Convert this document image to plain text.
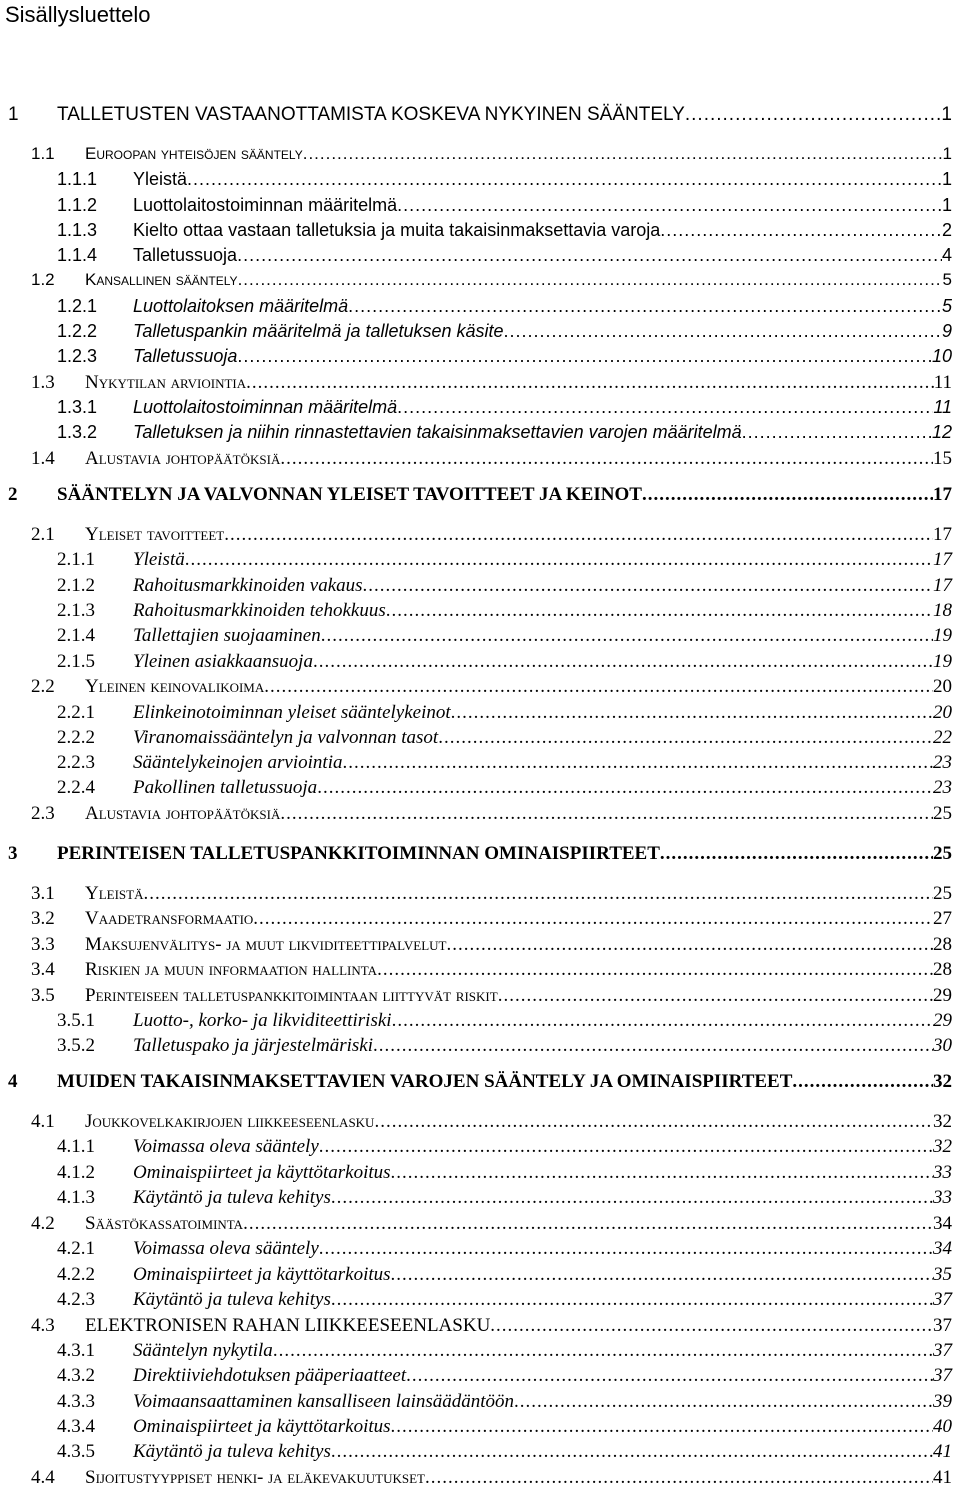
Sisällysluettelo
1 TALLETUSTEN VASTAANOTTAMISTA KOSKEVA NYKYINEN SÄÄNTELY .....	1
1.1 Euroopan yhteisöjen sääntely .....	1
1.1.1 Yleistä .....	1
1.1.2 Luottolaitostoiminnan määritelmä .....	1
1.1.3 Kielto ottaa vastaan talletuksia ja muita takaisinmaksettavia varoja .....	2
1.1.4 Talletussuoja .....	4
1.2 Kansallinen sääntely .....	5
1.2.1 Luottolaitoksen määritelmä .....	5
1.2.2 Talletuspankin määritelmä ja talletuksen käsite .....	9
1.2.3 Talletussuoja .....	10
1.3 Nykytilan arviointia .....	11
1.3.1 Luottolaitostoiminnan määritelmä .....	11
1.3.2 Talletuksen ja niihin rinnastettavien takaisinmaksettavien varojen määritelmä .....	12
1.4 Alustavia johtopäätöksiä .....	15
2 SÄÄNTELYN JA VALVONNAN YLEISET TAVOITTEET JA KEINOT .....	17
2.1 Yleiset tavoitteet .....	17
2.1.1 Yleistä .....	17
2.1.2 Rahoitusmarkkinoiden vakaus .....	17
2.1.3 Rahoitusmarkkinoiden tehokkuus .....	18
2.1.4 Tallettajien suojaaminen .....	19
2.1.5 Yleinen asiakkaansuoja .....	19
2.2 Yleinen keinovalikoima .....	20
2.2.1 Elinkeinotoiminnan yleiset sääntelykeinot .....	20
2.2.2 Viranomaissääntelyn ja valvonnan tasot .....	22
2.2.3 Sääntelykeinojen arviointia .....	23
2.2.4 Pakollinen talletussuoja .....	23
2.3 Alustavia johtopäätöksiä .....	25
3 PERINTEISEN TALLETUSPANKKITOIMINNAN OMINAISPIIRTEET .....	25
3.1 Yleistä .....	25
3.2 Vaadetransformaatio .....	27
3.3 Maksujenvälitys- ja muut likviditeettipalvelut .....	28
3.4 Riskien ja muun informaation hallinta .....	28
3.5 Perinteiseen talletuspankkitoimintaan liittyvät riskit .....	29
3.5.1 Luotto-, korko- ja likviditeettiriski .....	29
3.5.2 Talletuspako ja järjestelmäriski .....	30
4 MUIDEN TAKAISINMAKSETTAVIEN VAROJEN SÄÄNTELY JA OMINAISPIIRTEET .....	32
4.1 Joukkovelkakirjojen liikkeeseenlasku .....	32
4.1.1 Voimassa oleva sääntely .....	32
4.1.2 Ominaispiirteet ja käyttötarkoitus .....	33
4.1.3 Käytäntö ja tuleva kehitys .....	33
4.2 Säästökassatoiminta .....	34
4.2.1 Voimassa oleva sääntely .....	34
4.2.2 Ominaispiirteet ja käyttötarkoitus .....	35
4.2.3 Käytäntö ja tuleva kehitys .....	37
4.3 ELEKTRONISEN RAHAN LIIKKEESEENLASKU .....	37
4.3.1 Sääntelyn nykytila .....	37
4.3.2 Direktiiviehdotuksen pääperiaatteet .....	37
4.3.3 Voimaansaattaminen kansalliseen lainsäädäntöön .....	39
4.3.4 Ominaispiirteet ja käyttötarkoitus .....	40
4.3.5 Käytäntö ja tuleva kehitys .....	41
4.4 Sijoitustyyppiset henki- ja eläkevakuutukset .....	41
